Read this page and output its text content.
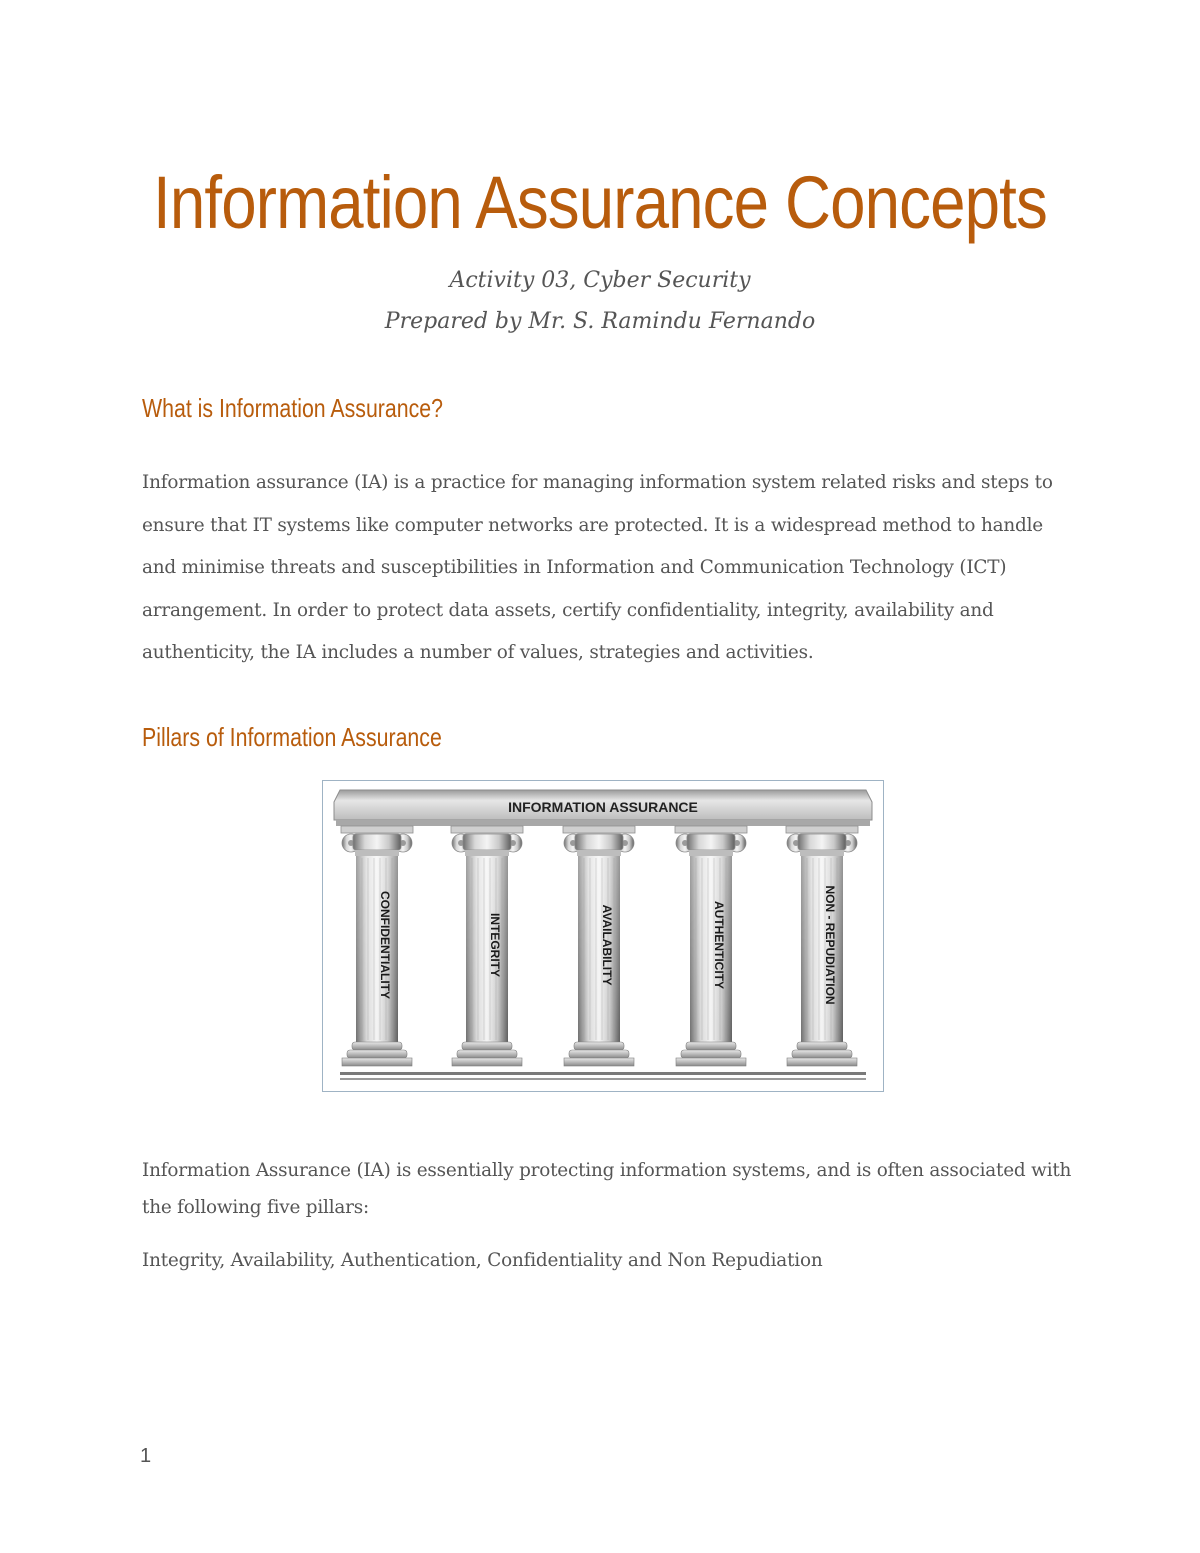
Information Assurance Concepts
Activity 03, Cyber Security
Prepared by Mr. S. Ramindu Fernando
What is Information Assurance?

Information assurance (IA) is a practice for managing information system related risks and steps to ensure that IT systems like computer networks are protected. It is a widespread method to handle and minimise threats and susceptibilities in Information and Communication Technology (ICT) arrangement. In order to protect data assets, certify confidentiality, integrity, availability and authenticity, the IA includes a number of values, strategies and activities.

Pillars of Information Assurance
INFORMATION ASSURANCE
CONFIDENTIALITY	INTEGRITY	AVAILABILITY	AUTHENTICITY	NON - REPUDIATION

Information Assurance (IA) is essentially protecting information systems, and is often associated with the following five pillars:

Integrity, Availability, Authentication, Confidentiality and Non Repudiation

1
